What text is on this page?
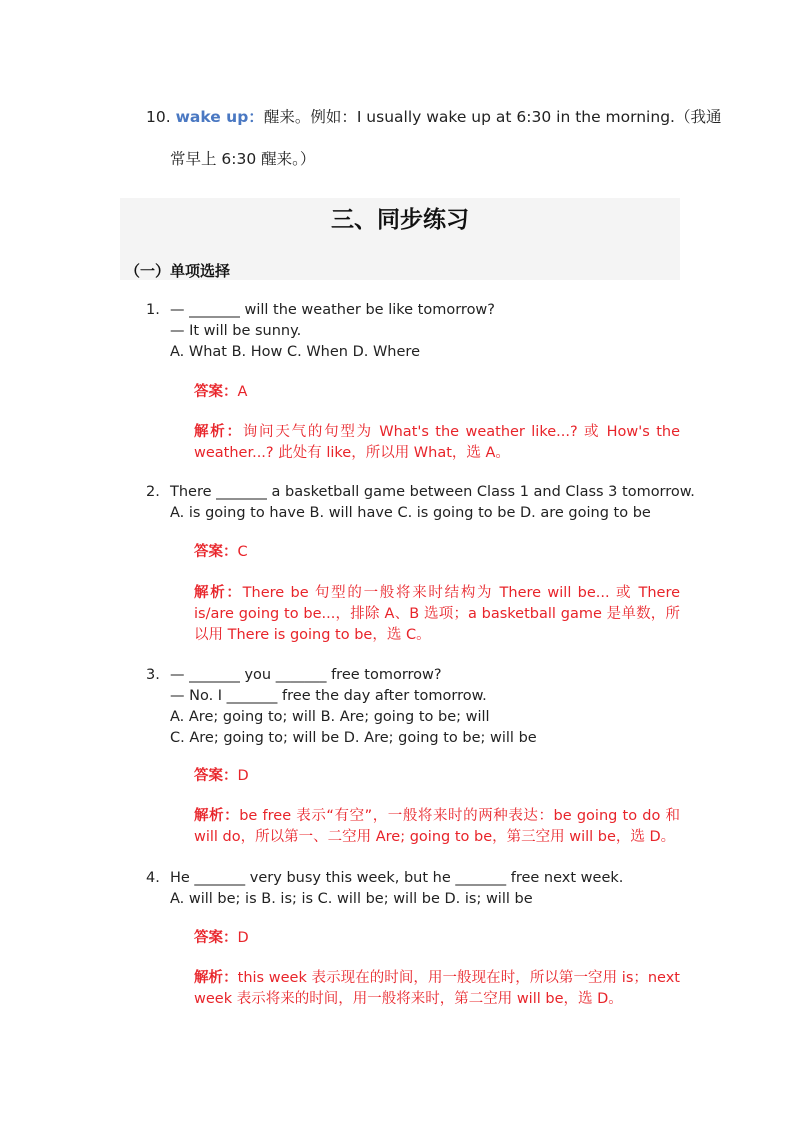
10. wake up：醒来。例如：I usually wake up at 6:30 in the morning.（我通
常早上 6:30 醒来。）
三、同步练习
（一）单项选择
1. — _______ will the weather be like tomorrow?
— It will be sunny.
A. What B. How C. When D. Where
答案：A
解析：询问天气的句型为 What's the weather like...? 或 How's the weather...? 此处有 like，所以用 What，选 A。
2. There _______ a basketball game between Class 1 and Class 3 tomorrow.
A. is going to have B. will have C. is going to be D. are going to be
答案：C
解析：There be 句型的一般将来时结构为 There will be... 或 There is/are going to be...，排除 A、B 选项；a basketball game 是单数，所以用 There is going to be，选 C。
3. — _______ you _______ free tomorrow?
— No. I _______ free the day after tomorrow.
A. Are; going to; will B. Are; going to be; will
C. Are; going to; will be D. Are; going to be; will be
答案：D
解析：be free 表示“有空”，一般将来时的两种表达：be going to do 和 will do，所以第一、二空用 Are; going to be，第三空用 will be，选 D。
4. He _______ very busy this week, but he _______ free next week.
A. will be; is B. is; is C. will be; will be D. is; will be
答案：D
解析：this week 表示现在的时间，用一般现在时，所以第一空用 is；next week 表示将来的时间，用一般将来时，第二空用 will be，选 D。
